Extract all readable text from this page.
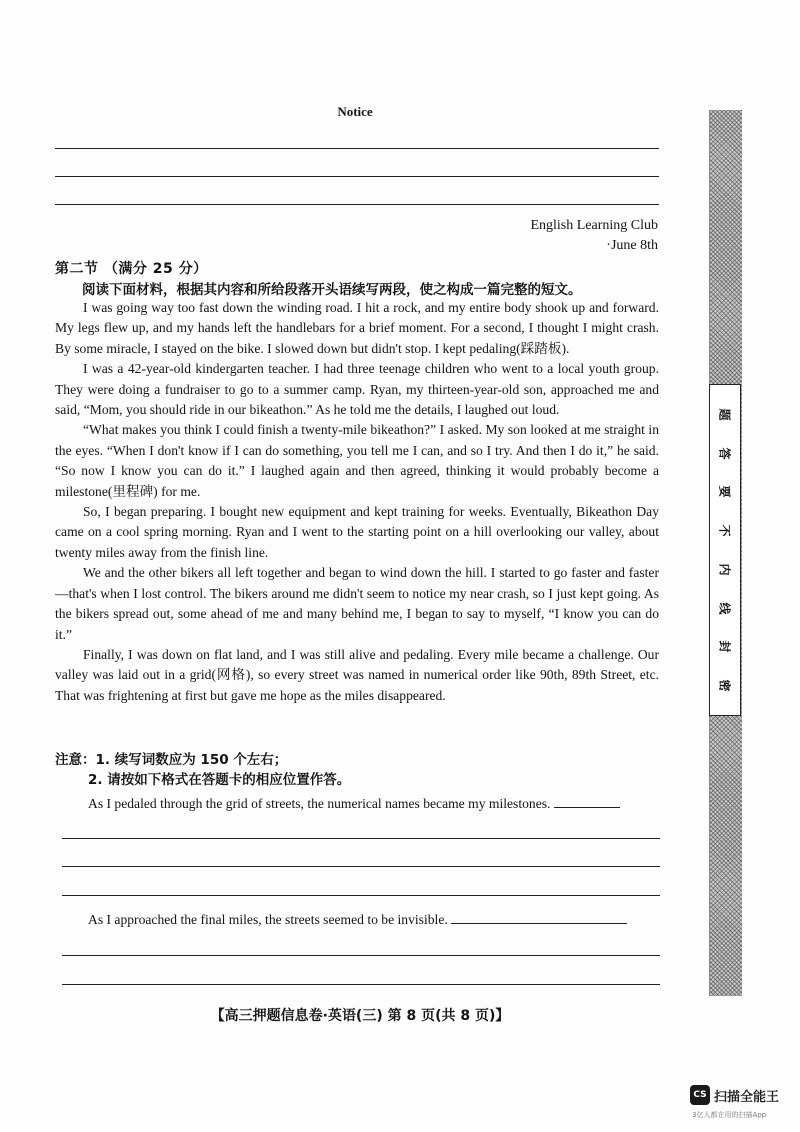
Notice
English Learning Club
·June 8th
第二节 （满分 25 分）
阅读下面材料，根据其内容和所给段落开头语续写两段，使之构成一篇完整的短文。

I was going way too fast down the winding road. I hit a rock, and my entire body shook up and forward. My legs flew up, and my hands left the handlebars for a brief moment. For a second, I thought I might crash. By some miracle, I stayed on the bike. I slowed down but didn't stop. I kept pedaling(踩踏板).

I was a 42-year-old kindergarten teacher. I had three teenage children who went to a local youth group. They were doing a fundraiser to go to a summer camp. Ryan, my thirteen-year-old son, approached me and said, “Mom, you should ride in our bikeathon.” As he told me the details, I laughed out loud.

“What makes you think I could finish a twenty-mile bikeathon?” I asked. My son looked at me straight in the eyes. “When I don't know if I can do something, you tell me I can, and so I try. And then I do it,” he said. “So now I know you can do it.” I laughed again and then agreed, thinking it would probably become a milestone(里程碑) for me.

So, I began preparing. I bought new equipment and kept training for weeks. Eventually, Bikeathon Day came on a cool spring morning. Ryan and I went to the starting point on a hill overlooking our valley, about twenty miles away from the finish line.

We and the other bikers all left together and began to wind down the hill. I started to go faster and faster—that's when I lost control. The bikers around me didn't seem to notice my near crash, so I just kept going. As the bikers spread out, some ahead of me and many behind me, I began to say to myself, “I know you can do it.”

Finally, I was down on flat land, and I was still alive and pedaling. Every mile became a challenge. Our valley was laid out in a grid(网格), so every street was named in numerical order like 90th, 89th Street, etc. That was frightening at first but gave me hope as the miles disappeared.

注意：1. 续写词数应为 150 个左右；
2. 请按如下格式在答题卡的相应位置作答。
As I pedaled through the grid of streets, the numerical names became my milestones.
As I approached the final miles, the streets seemed to be invisible.
【高三押题信息卷·英语(三) 第 8 页(共 8 页)】
题
答
要
不
内
线
封
密
CS 扫描全能王
3亿人都在用的扫描App
